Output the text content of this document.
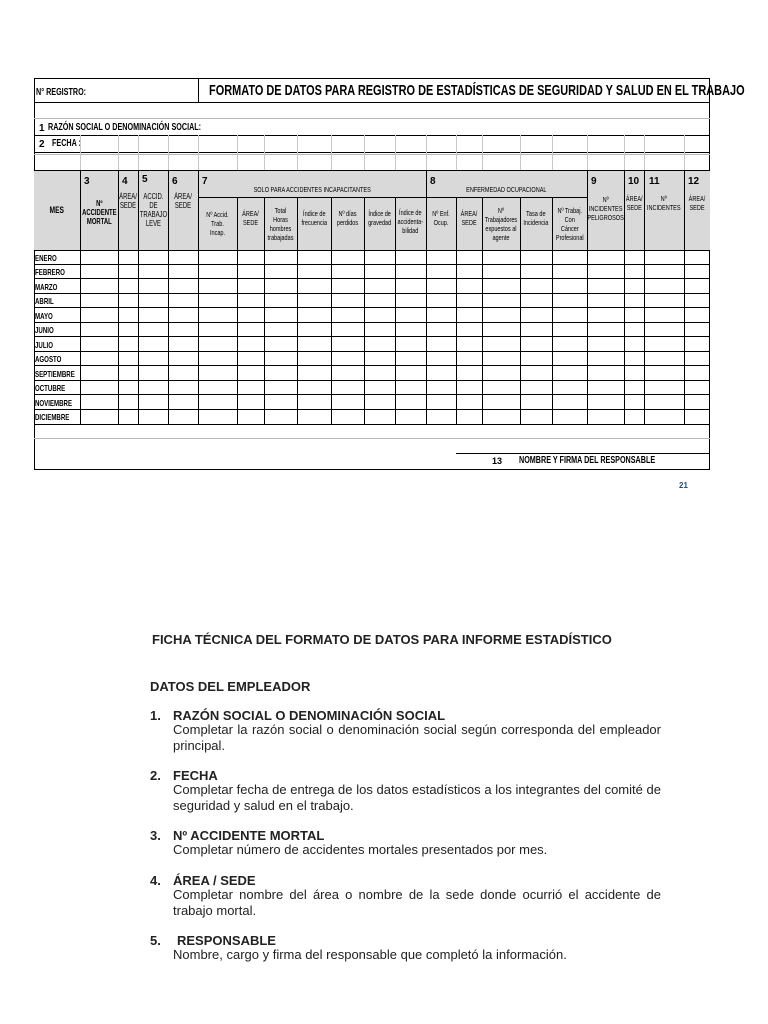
N° REGISTRO:	FORMATO DE DATOS PARA REGISTRO DE ESTADÍSTICAS DE SEGURIDAD Y SALUD EN EL TRABAJO
1 RAZÓN SOCIAL O DENOMINACIÓN SOCIAL:
2 FECHA :
MES
3
Nº ACCIDENTE MORTAL
4
ÁREA/ SEDE
5
ACCID. DE TRABAJO LEVE
6
ÁREA/ SEDE
7
SOLO PARA ACCIDENTES INCAPACITANTES
Nº Accid. Trab. Incap.
ÁREA/ SEDE
Total Horas hombres trabajadas
Índice de frecuencia
Nº días perdidos
Índice de gravedad
Índice de accidenta-bilidad
8
ENFERMEDAD OCUPACIONAL
Nº Enf. Ocup.
ÁREA/ SEDE
Nº Trabajadores expuestos al agente
Tasa de Incidencia
Nº Trabaj. Con Cáncer Profesional
9
Nº INCIDENTES PELIGROSOS
10
ÁREA/ SEDE
11
Nº INCIDENTES
12
ÁREA/ SEDE
ENERO
FEBRERO
MARZO
ABRIL
MAYO
JUNIO
JULIO
AGOSTO
SEPTIEMBRE
OCTUBRE
NOVIEMBRE
DICIEMBRE
13 NOMBRE Y FIRMA DEL RESPONSABLE
21
FICHA TÉCNICA DEL FORMATO DE DATOS PARA INFORME ESTADÍSTICO
DATOS DEL EMPLEADOR
1. RAZÓN SOCIAL O DENOMINACIÓN SOCIAL
Completar la razón social o denominación social según corresponda del empleador principal.
2. FECHA
Completar fecha de entrega de los datos estadísticos a los integrantes del comité de seguridad y salud en el trabajo.
3. Nº ACCIDENTE MORTAL
Completar número de accidentes mortales presentados por mes.
4. ÁREA / SEDE
Completar nombre del área o nombre de la sede donde ocurrió el accidente de trabajo mortal.
5. RESPONSABLE
Nombre, cargo y firma del responsable que completó la información.
